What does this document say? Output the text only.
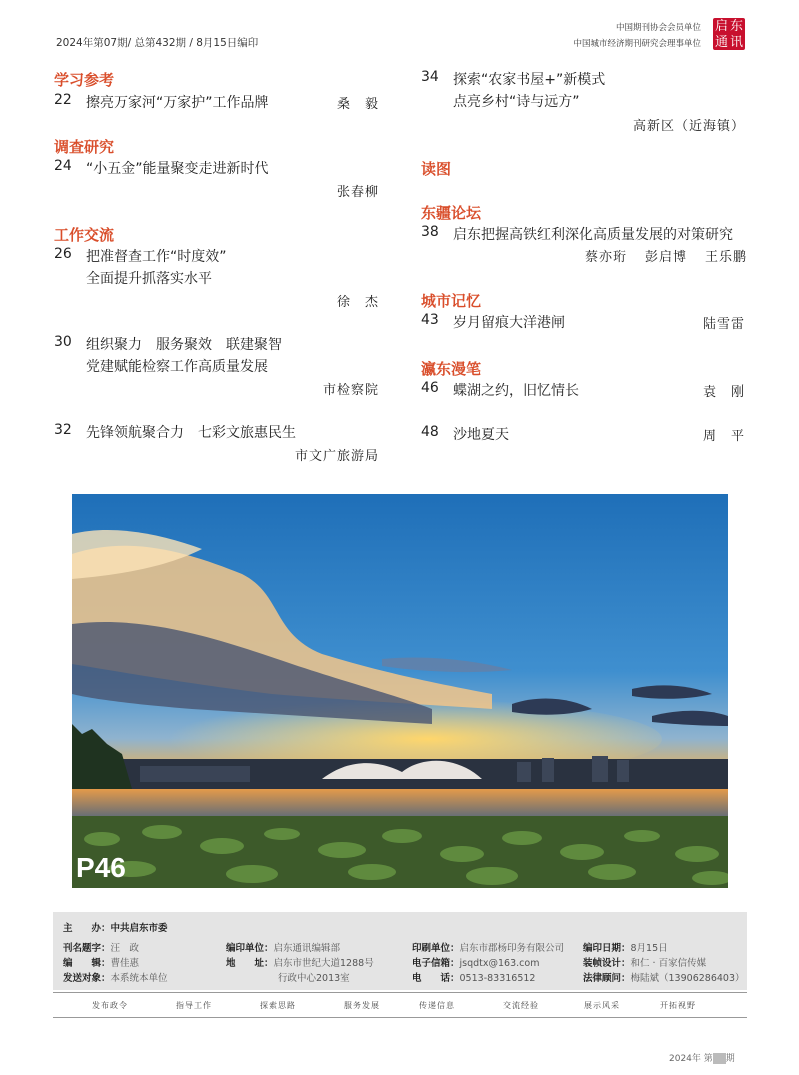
2024年第07期/ 总第432期 / 8月15日编印
中国期刊协会会员单位
中国城市经济期刊研究会理事单位
启 东
通 讯
学习参考
22 擦亮万家河“万家护”工作品牌	桑　毅
调查研究
24 “小五金”能量聚变走进新时代
张春柳
工作交流
26 把准督查工作“时度效”
全面提升抓落实水平
徐　杰
30 组织聚力　服务聚效　联建聚智
党建赋能检察工作高质量发展
市检察院
32 先锋领航聚合力　七彩文旅惠民生
市文广旅游局
34 探索“农家书屋+”新模式
点亮乡村“诗与远方”
高新区（近海镇）
读图
东疆论坛
38 启东把握高铁红利深化高质量发展的对策研究
蔡亦珩 彭启博 王乐鹏
城市记忆
43 岁月留痕大洋港闸	陆雪雷
瀛东漫笔
46 蝶湖之约，旧忆情长	袁　刚
48 沙地夏天	周　平
P46
主　　办：中共启东市委
刊名题字：汪　政
编　　辑：曹佳惠
发送对象：本系统本单位
编印单位：启东通讯编辑部
地　　址：启东市世纪大道1288号
行政中心2013室
印刷单位：启东市郡杨印务有限公司
电子信箱：jsqdtx@163.com
电　　话：0513-83316512
编印日期：8月15日
装帧设计：和仁 · 百家信传媒
法律顾问：梅陆斌（13906286403）
发布政令	指导工作	探索思路	服务发展	传递信息	交流经验	展示风采	开拓视野
2024年 第 期
